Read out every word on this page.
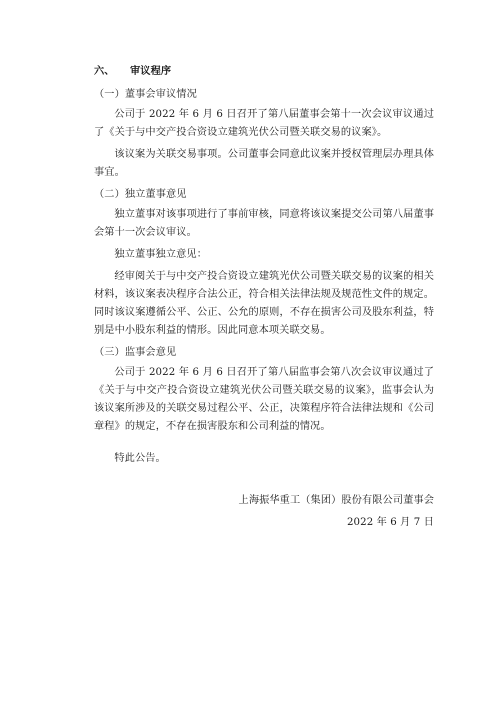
六、 审议程序
（一）董事会审议情况
公司于 2022 年 6 月 6 日召开了第八届董事会第十一次会议审议通过了《关于与中交产投合资设立建筑光伏公司暨关联交易的议案》。
该议案为关联交易事项。公司董事会同意此议案并授权管理层办理具体事宜。
（二）独立董事意见
独立董事对该事项进行了事前审核，同意将该议案提交公司第八届董事会第十一次会议审议。
独立董事独立意见：
经审阅关于与中交产投合资设立建筑光伏公司暨关联交易的议案的相关材料，该议案表决程序合法公正，符合相关法律法规及规范性文件的规定。同时该议案遵循公平、公正、公允的原则，不存在损害公司及股东利益，特别是中小股东利益的情形。因此同意本项关联交易。
（三）监事会意见
公司于 2022 年 6 月 6 日召开了第八届监事会第八次会议审议通过了《关于与中交产投合资设立建筑光伏公司暨关联交易的议案》，监事会认为该议案所涉及的关联交易过程公平、公正，决策程序符合法律法规和《公司章程》的规定，不存在损害股东和公司利益的情况。
特此公告。
上海振华重工（集团）股份有限公司董事会
2022 年 6 月 7 日
